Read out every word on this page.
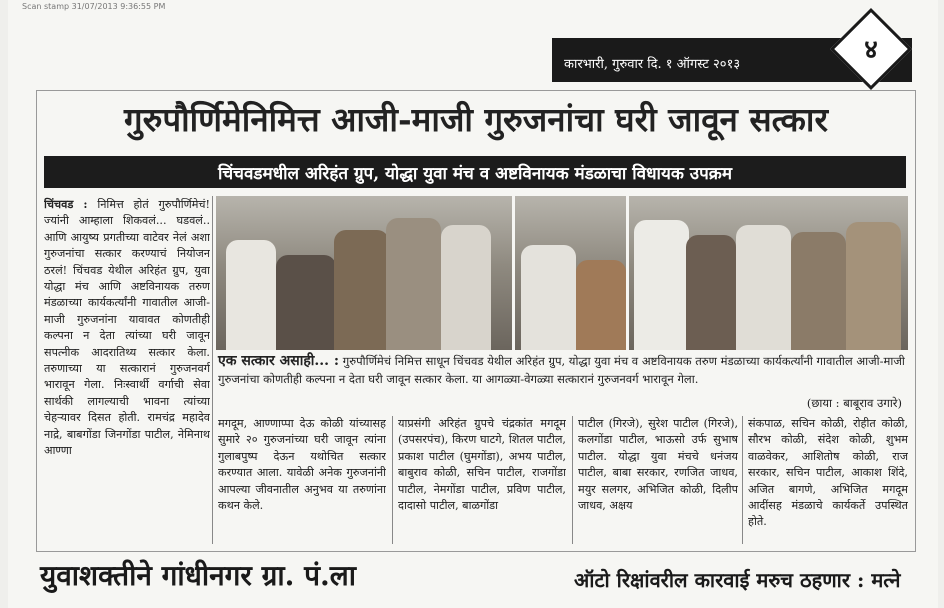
Scan stamp 31/07/2013 9:36:55 PM
कारभारी, गुरुवार दि. १ ऑगस्ट २०१३	४
गुरुपौर्णिमेनिमित्त आजी-माजी गुरुजनांचा घरी जावून सत्कार
चिंचवडमधील अरिहंत ग्रुप, योद्धा युवा मंच व अष्टविनायक मंडळाचा विधायक उपक्रम
एक सत्कार असाही... : गुरुपौर्णिमेचं निमित्त साधून चिंचवड येथील अरिहंत ग्रुप, योद्धा युवा मंच व अष्टविनायक तरुण मंडळाच्या कार्यकर्त्यांनी गावातील आजी-माजी गुरुजनांचा कोणतीही कल्पना न देता घरी जावून सत्कार केला. या आगळ्या-वेगळ्या सत्कारानं गुरुजनवर्ग भारावून गेला.
(छाया : बाबूराव उगारे)
चिंचवड : निमित्त होतं गुरुपौर्णिमेचं! ज्यांनी आम्हाला शिकवलं... घडवलं.. आणि आयुष्य प्रगतीच्या वाटेवर नेलं अशा गुरुजनांचा सत्कार करण्याचं नियोजन ठरलं! चिंचवड येथील अरिहंत ग्रुप, युवा योद्धा मंच आणि अष्टविनायक तरुण मंडळाच्या कार्यकर्त्यांनी गावातील आजी-माजी गुरुजनांना यावावत कोणतीही कल्पना न देता त्यांच्या घरी जावून सपत्नीक आदरातिथ्य सत्कार केला. तरुणाच्या या सत्कारानं गुरुजनवर्ग भारावून गेला. निःस्वार्थी वर्गाची सेवा सार्थकी लागल्याची भावना त्यांच्या चेहऱ्यावर दिसत होती. रामचंद्र महादेव नाद्रे, बाबगोंडा जिनगोंडा पाटील, नेमिनाथ आण्णा
मगदूम, आण्णाप्पा देऊ कोळी यांच्यासह सुमारे २० गुरुजनांच्या घरी जावून त्यांना गुलाबपुष्प देऊन यथोचित सत्कार करण्यात आला. यावेळी अनेक गुरुजनांनी आपल्या जीवनातील अनुभव या तरुणांना कथन केले.
याप्रसंगी अरिहंत ग्रुपचे चंद्रकांत मगदूम (उपसरपंच), किरण घाटगे, शितल पाटील, प्रकाश पाटील (घुमगोंडा), अभय पाटील, बाबुराव कोळी, सचिन पाटील, राजगोंडा पाटील, नेमगोंडा पाटील, प्रविण पाटील, दादासो पाटील, बाळगोंडा
पाटील (गिरजे), सुरेश पाटील (गिरजे), कलगोंडा पाटील, भाऊसो उर्फ सुभाष पाटील. योद्धा युवा मंचचे धनंजय पाटील, बाबा सरकार, रणजित जाधव, मयुर सलगर, अभिजित कोळी, दिलीप जाधव, अक्षय
संकपाळ, सचिन कोळी, रोहीत कोळी, सौरभ कोळी, संदेश कोळी, शुभम वाळवेकर, आशितोष कोळी, राज सरकार, सचिन पाटील, आकाश शिंदे, अजित बागणे, अभिजित मगदूम आदींसह मंडळाचे कार्यकर्ते उपस्थित होते.
युवाशक्तीने गांधीनगर ग्रा. पं.ला	ऑटो रिक्षांवरील कारवाई मरुच ठहणार : मत्ने
